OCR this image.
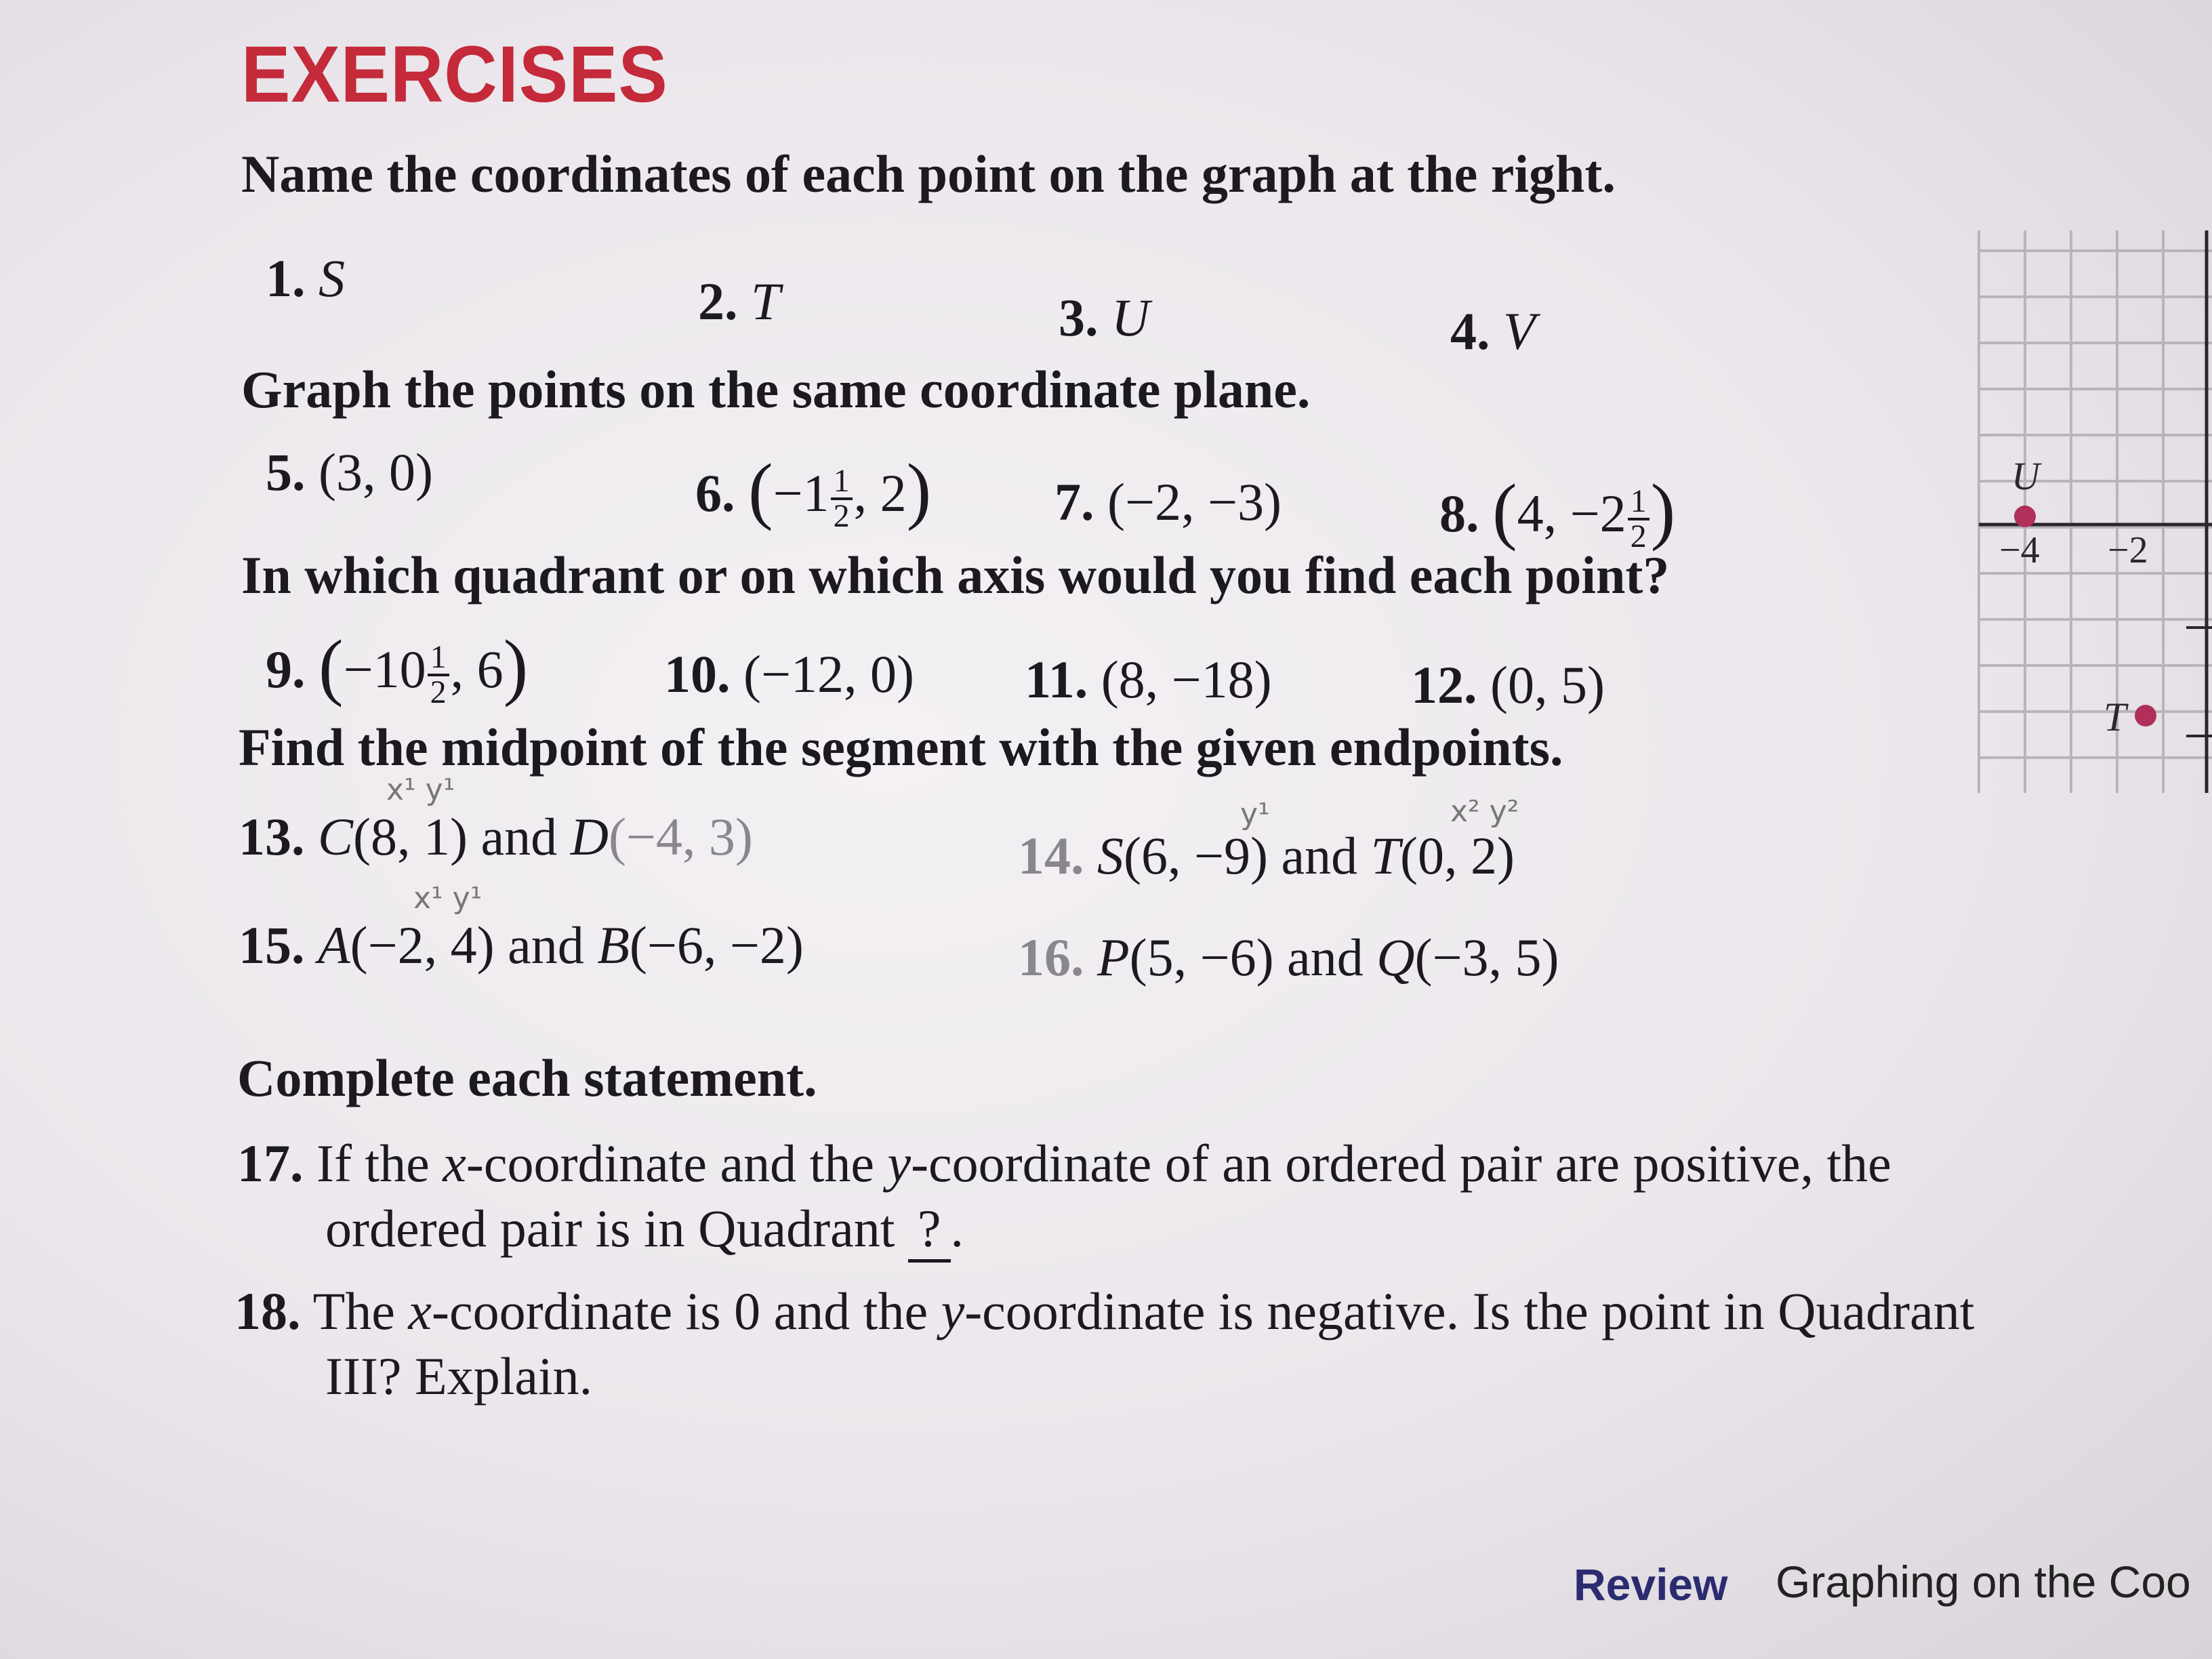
EXERCISES
Name the coordinates of each point on the graph at the right.
1. S	2. T	3. U	4. V
Graph the points on the same coordinate plane.
5. (3, 0)	6. ($-1 \frac{1}{2}$ , 2) 7. (−2, −3)	8. (4, $-2 \frac{1}{2}$ )
In which quadrant or on which axis would you find each point?
9. ($-10 \frac{1}{2}$ , 6)	10. (−12, 0) 11. (8, −18)	12. (0, 5)
Find the midpoint of the segment with the given endpoints.
x¹ y¹
y¹	x² y²
13. C(8, 1) and D(−4, 3)	14. S(6, −9) and T(0, 2)
x¹ y¹
15. A(−2, 4) and B(−6, −2)	16. P(5, −6) and Q(−3, 5)
Complete each statement.
17. If the x-coordinate and the y-coordinate of an ordered pair are positive, the
ordered pair is in Quadrant ? .
18. The x-coordinate is 0 and the y-coordinate is negative. Is the point in Quadrant
III? Explain.
U
T
−4 −2
Review Graphing on the Coo
